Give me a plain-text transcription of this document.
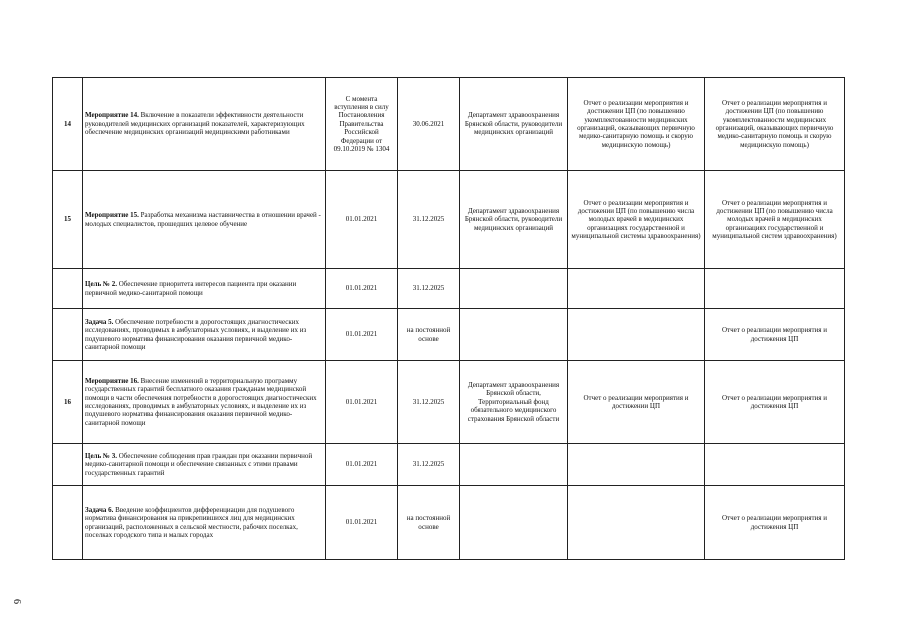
14	Мероприятие 14. Включение в показатели эффективности деятельности руководителей медицинских организаций показателей, характеризующих обеспечение медицинских организаций медицинскими работниками	С момента вступления в силу Постановления Правительства Российской Федерации от 09.10.2019 № 1304	30.06.2021	Департамент здравоохранения Брянской области, руководители медицинских организаций	Отчет о реализации мероприятия и достижении ЦП (по повышению укомплектованности медицинских организаций, оказывающих первичную медико-санитарную помощь и скорую медицинскую помощь)	Отчет о реализации мероприятия и достижении ЦП (по повышению укомплектованности медицинских организаций, оказывающих первичную медико-санитарную помощь и скорую медицинскую помощь)
15	Мероприятие 15. Разработка механизма наставничества в отношении врачей - молодых специалистов, прошедших целевое обучение	01.01.2021	31.12.2025	Департамент здравоохранения Брянской области, руководители медицинских организаций	Отчет о реализации мероприятия и достижении ЦП (по повышению числа молодых врачей в медицинских организациях государственной и муниципальной системы здравоохранения)	Отчет о реализации мероприятия и достижении ЦП (по повышению числа молодых врачей в медицинских организациях государственной и муниципальной систем здравоохранения)
	Цель № 2. Обеспечение приоритета интересов пациента при оказании первичной медико-санитарной помощи	01.01.2021	31.12.2025			
	Задача 5. Обеспечение потребности в дорогостоящих диагностических исследованиях, проводимых в амбулаторных условиях, и выделение их из подушевого норматива финансирования оказания первичной медико-санитарной помощи	01.01.2021	на постоянной основе			Отчет о реализации мероприятия и достижения ЦП
16	Мероприятие 16. Внесение изменений в территориальную программу государственных гарантий бесплатного оказания гражданам медицинской помощи в части обеспечения потребности в дорогостоящих диагностических исследованиях, проводимых в амбулаторных условиях, и выделение их из подушевого норматива финансирования оказания первичной медико-санитарной помощи	01.01.2021	31.12.2025	Департамент здравоохранения Брянской области, Территориальный фонд обязательного медицинского страхования Брянской области	Отчет о реализации мероприятия и достижении ЦП	Отчет о реализации мероприятия и достижения ЦП
	Цель № 3. Обеспечение соблюдения прав граждан при оказании первичной медико-санитарной помощи и обеспечение связанных с этими правами государственных гарантий	01.01.2021	31.12.2025			
	Задача 6. Введение коэффициентов дифференциации для подушевого норматива финансирования на прикрепившихся лиц для медицинских организаций, расположенных в сельской местности, рабочих поселках, поселках городского типа и малых городах	01.01.2021	на постоянной основе			Отчет о реализации мероприятия и достижения ЦП
6
